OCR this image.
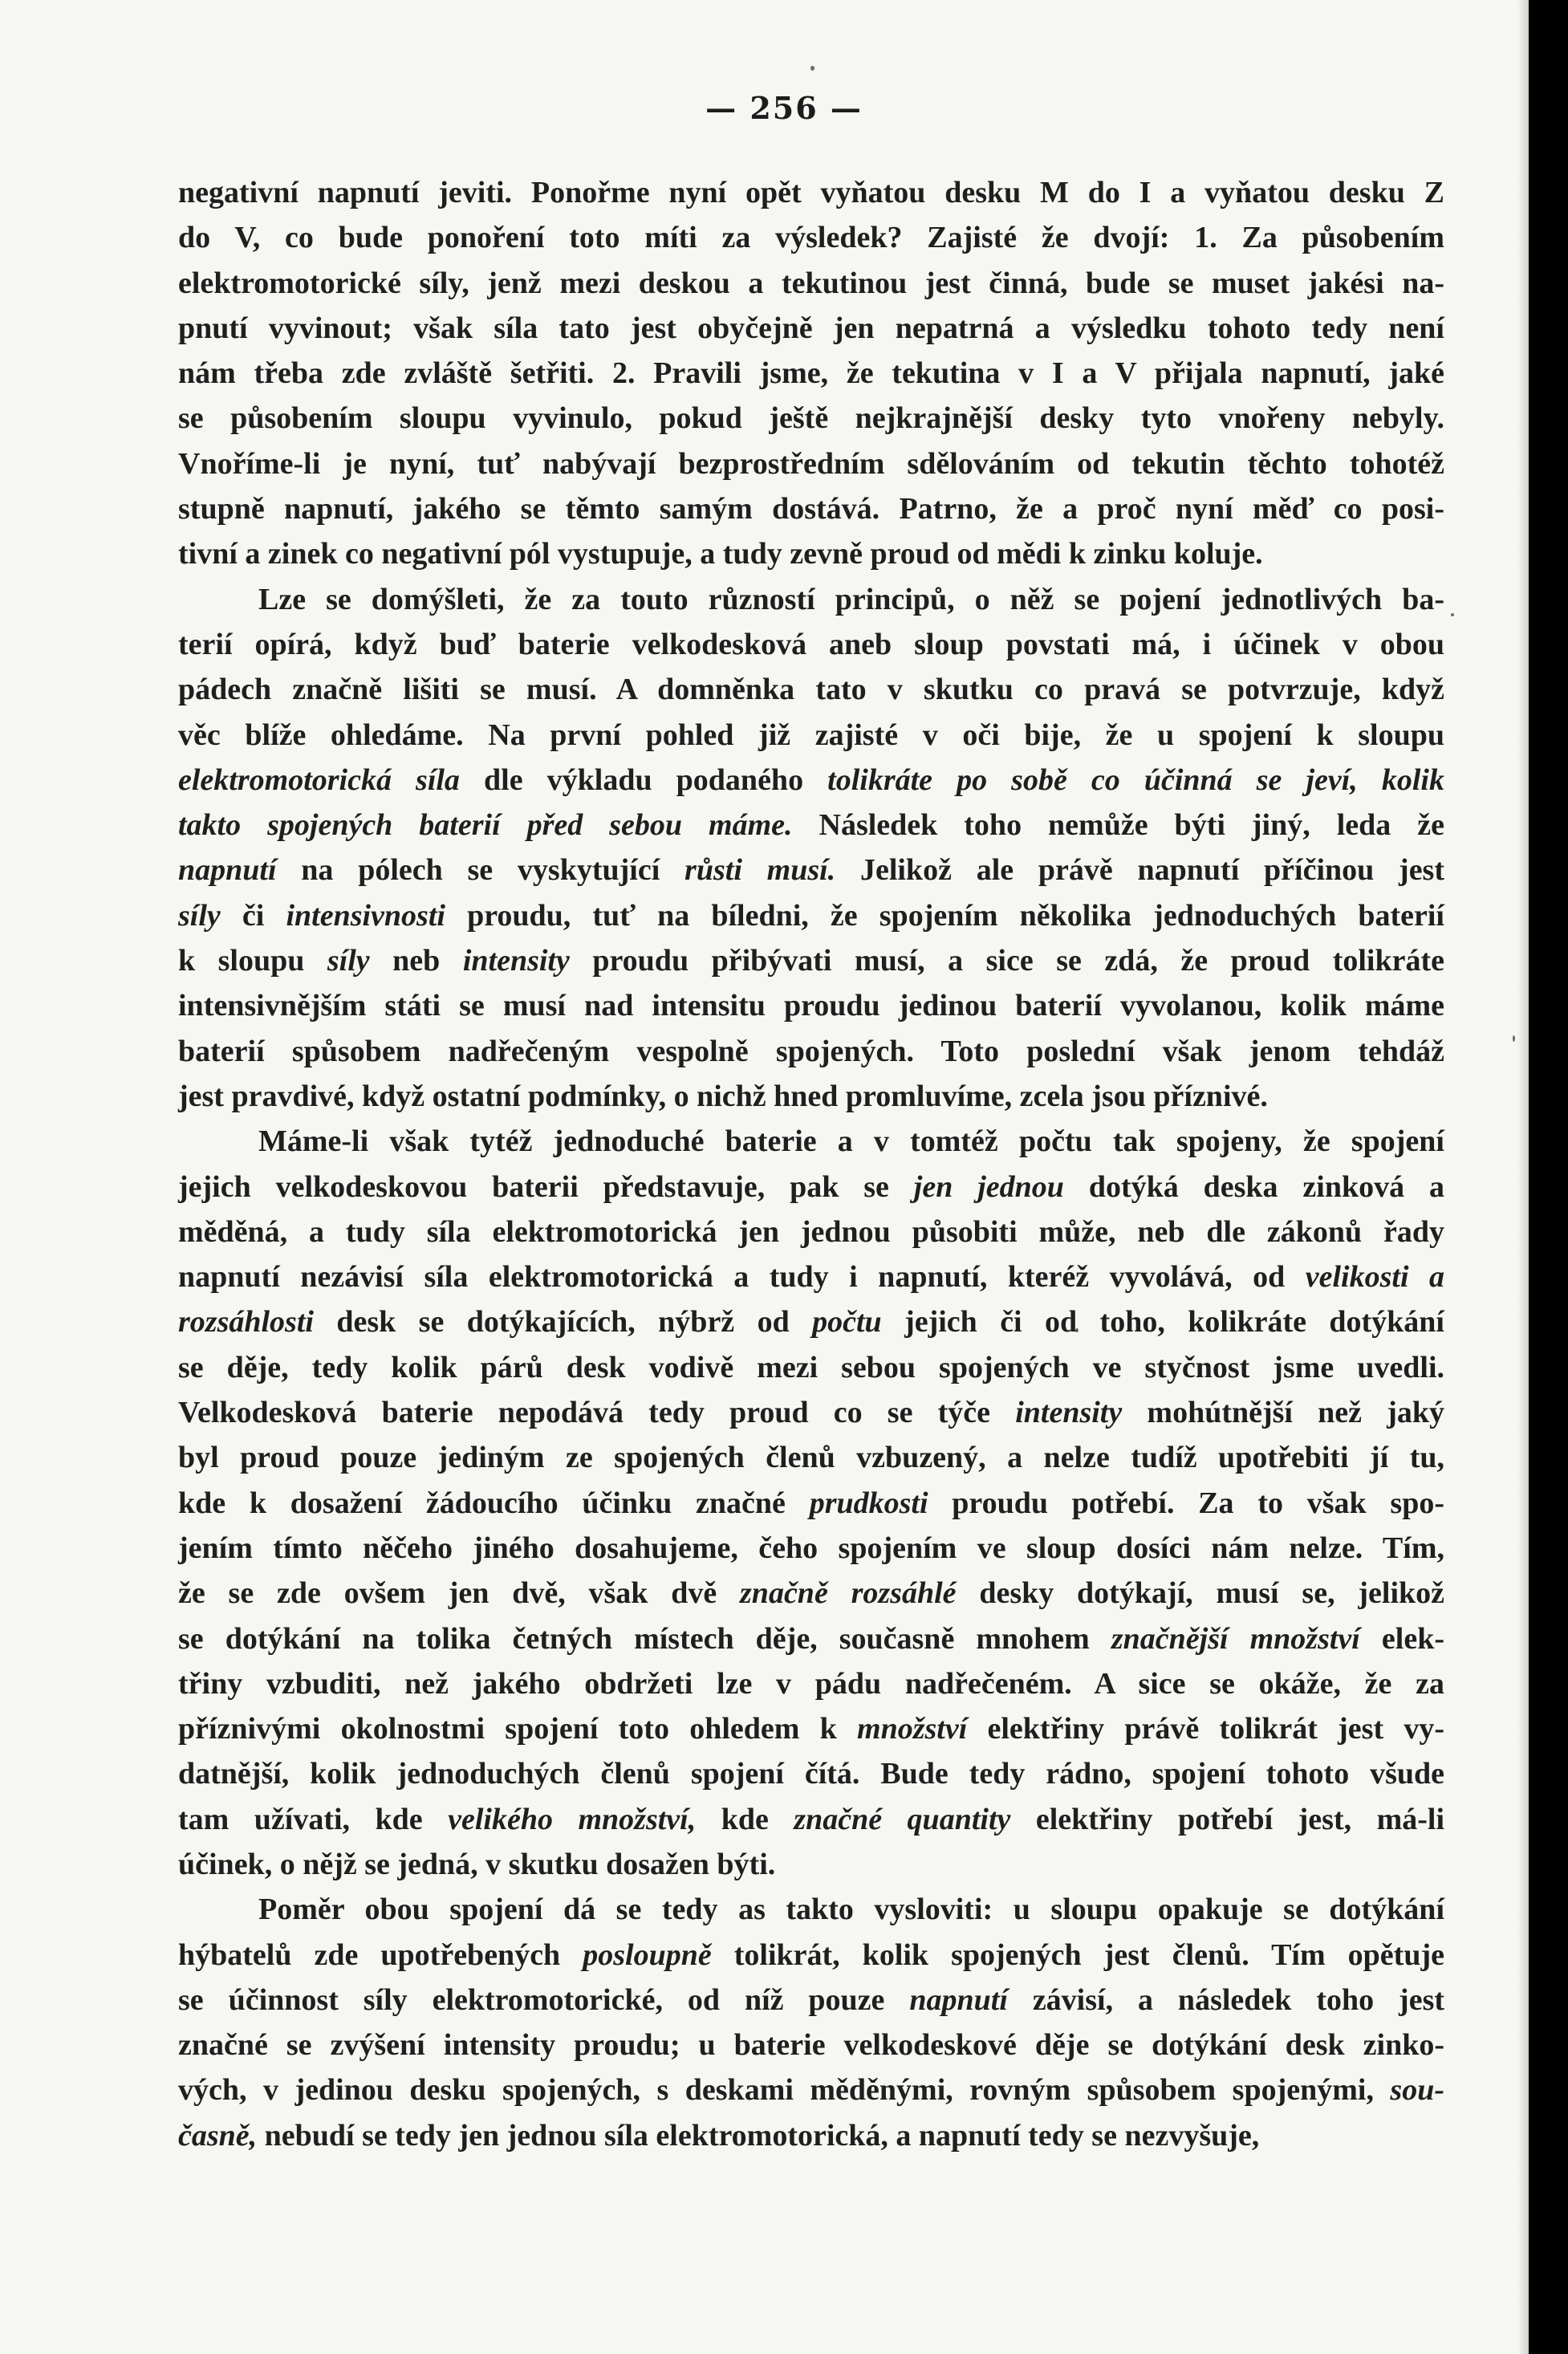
— 256 —

negativní napnutí jeviti. Ponořme nyní opět vyňatou desku M do I a vyňatou desku Z

do V, co bude ponoření toto míti za výsledek? Zajisté že dvojí: 1. Za působením

elektromotorické síly, jenž mezi deskou a tekutinou jest činná, bude se muset jakési na-

pnutí vyvinout; však síla tato jest obyčejně jen nepatrná a výsledku tohoto tedy není

nám třeba zde zvláště šetřiti. 2. Pravili jsme, že tekutina v I a V přijala napnutí, jaké

se působením sloupu vyvinulo, pokud ještě nejkrajnější desky tyto vnořeny nebyly.

Vnoříme-li je nyní, tuť nabývají bezprostředním sdělováním od tekutin těchto tohotéž

stupně napnutí, jakého se těmto samým dostává. Patrno, že a proč nyní měď co posi-

tivní a zinek co negativní pól vystupuje, a tudy zevně proud od mědi k zinku koluje.

Lze se domýšleti, že za touto růzností principů, o něž se pojení jednotlivých ba-

terií opírá, když buď baterie velkodesková aneb sloup povstati má, i účinek v obou

pádech značně lišiti se musí. A domněnka tato v skutku co pravá se potvrzuje, když

věc blíže ohledáme. Na první pohled již zajisté v oči bije, že u spojení k sloupu

elektromotorická síla dle výkladu podaného tolikráte po sobě co účinná se jeví, kolik

takto spojených baterií před sebou máme. Následek toho nemůže býti jiný, leda že

napnutí na pólech se vyskytující růsti musí. Jelikož ale právě napnutí příčinou jest

síly či intensivnosti proudu, tuť na bíledni, že spojením několika jednoduchých baterií

k sloupu síly neb intensity proudu přibývati musí, a sice se zdá, že proud tolikráte

intensivnějším státi se musí nad intensitu proudu jedinou baterií vyvolanou, kolik máme

baterií spůsobem nadřečeným vespolně spojených. Toto poslední však jenom tehdáž

jest pravdivé, když ostatní podmínky, o nichž hned promluvíme, zcela jsou příznivé.

Máme-li však tytéž jednoduché baterie a v tomtéž počtu tak spojeny, že spojení

jejich velkodeskovou baterii představuje, pak se jen jednou dotýká deska zinková a

měděná, a tudy síla elektromotorická jen jednou působiti může, neb dle zákonů řady

napnutí nezávisí síla elektromotorická a tudy i napnutí, kteréž vyvolává, od velikosti a

rozsáhlosti desk se dotýkajících, nýbrž od počtu jejich či od toho, kolikráte dotýkání

se děje, tedy kolik párů desk vodivě mezi sebou spojených ve styčnost jsme uvedli.

Velkodesková baterie nepodává tedy proud co se týče intensity mohútnější než jaký

byl proud pouze jediným ze spojených členů vzbuzený, a nelze tudíž upotřebiti jí tu,

kde k dosažení žádoucího účinku značné prudkosti proudu potřebí. Za to však spo-

jením tímto něčeho jiného dosahujeme, čeho spojením ve sloup dosíci nám nelze. Tím,

že se zde ovšem jen dvě, však dvě značně rozsáhlé desky dotýkají, musí se, jelikož

se dotýkání na tolika četných místech děje, současně mnohem značnější množství elek-

třiny vzbuditi, než jakého obdržeti lze v pádu nadřečeném. A sice se okáže, že za

příznivými okolnostmi spojení toto ohledem k množství elektřiny právě tolikrát jest vy-

datnější, kolik jednoduchých členů spojení čítá. Bude tedy rádno, spojení tohoto všude

tam užívati, kde velikého množství, kde značné quantity elektřiny potřebí jest, má-li

účinek, o nějž se jedná, v skutku dosažen býti.

Poměr obou spojení dá se tedy as takto vysloviti: u sloupu opakuje se dotýkání

hýbatelů zde upotřebených posloupně tolikrát, kolik spojených jest členů. Tím opětuje

se účinnost síly elektromotorické, od níž pouze napnutí závisí, a následek toho jest

značné se zvýšení intensity proudu; u baterie velkodeskové děje se dotýkání desk zinko-

vých, v jedinou desku spojených, s deskami měděnými, rovným spůsobem spojenými, sou-

časně, nebudí se tedy jen jednou síla elektromotorická, a napnutí tedy se nezvyšuje,
